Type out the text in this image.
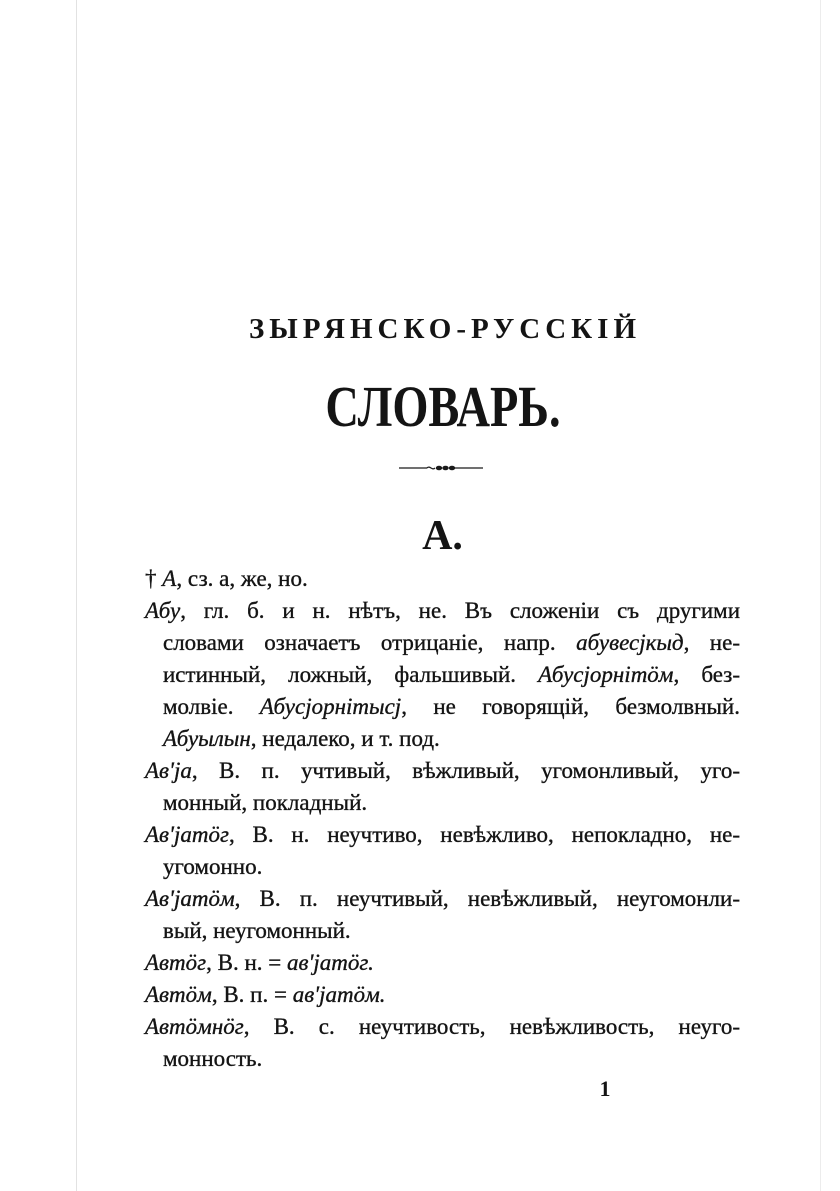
ЗЫРЯНСКО-РУССКІЙ
СЛОВАРЬ.
А.
† А, сз. а, же, но.
Абу, гл. б. и н. нѣтъ, не. Въ сложеніи съ другими
словами означаетъ отрицаніе, напр. абувесjкыд, не-
истинный, ложный, фальшивый. Абусjорнітöм, без-
молвіе. Абусjорнітысj, не говорящій, безмолвный.
Абуылын, недалеко, и т. под.
Ав'ja, В. п. учтивый, вѣжливый, угомонливый, уго-
монный, покладный.
Ав'jатöг, В. н. неучтиво, невѣжливо, непокладно, не-
угомонно.
Ав'jатöм, В. п. неучтивый, невѣжливый, неугомонли-
вый, неугомонный.
Автöг, В. н. = ав'jатöг.
Автöм, В. п. = ав'jатöм.
Автöмнöг, В. с. неучтивость, невѣжливость, неуго-
монность.
1
